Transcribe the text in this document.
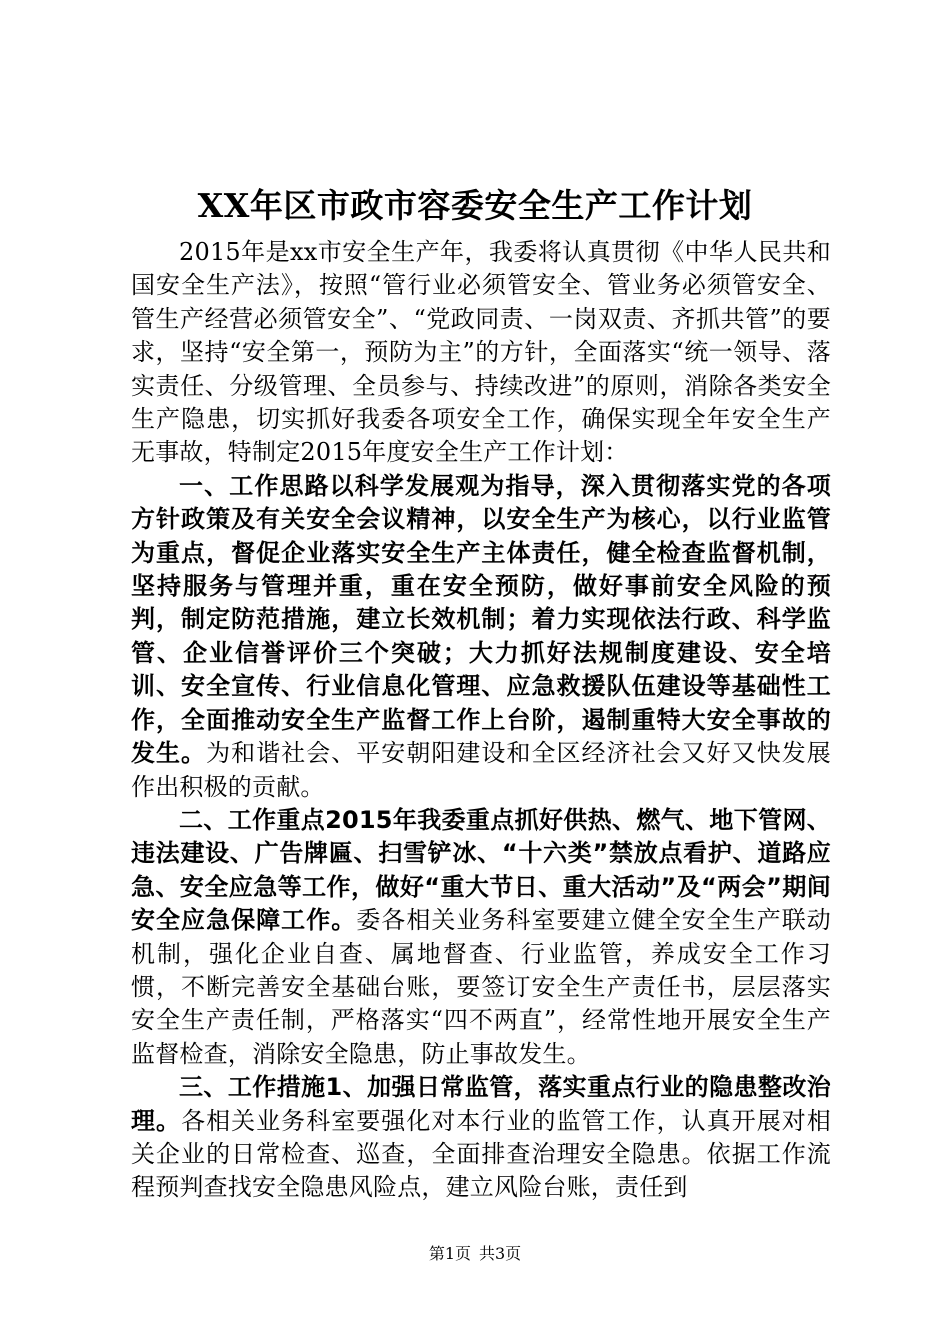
XX年区市政市容委安全生产工作计划

2015年是xx市安全生产年，我委将认真贯彻《中华人民共和国安全生产法》，按照“管行业必须管安全、管业务必须管安全、管生产经营必须管安全”、“党政同责、一岗双责、齐抓共管”的要求，坚持“安全第一，预防为主”的方针，全面落实“统一领导、落实责任、分级管理、全员参与、持续改进”的原则，消除各类安全生产隐患，切实抓好我委各项安全工作，确保实现全年安全生产无事故，特制定2015年度安全生产工作计划：

一、工作思路以科学发展观为指导，深入贯彻落实党的各项方针政策及有关安全会议精神，以安全生产为核心，以行业监管为重点，督促企业落实安全生产主体责任，健全检查监督机制，坚持服务与管理并重，重在安全预防，做好事前安全风险的预判，制定防范措施，建立长效机制；着力实现依法行政、科学监管、企业信誉评价三个突破；大力抓好法规制度建设、安全培训、安全宣传、行业信息化管理、应急救援队伍建设等基础性工作，全面推动安全生产监督工作上台阶，遏制重特大安全事故的发生。为和谐社会、平安朝阳建设和全区经济社会又好又快发展作出积极的贡献。

二、工作重点2015年我委重点抓好供热、燃气、地下管网、违法建设、广告牌匾、扫雪铲冰、“十六类”禁放点看护、道路应急、安全应急等工作，做好“重大节日、重大活动”及“两会”期间安全应急保障工作。委各相关业务科室要建立健全安全生产联动机制，强化企业自查、属地督查、行业监管，养成安全工作习惯，不断完善安全基础台账，要签订安全生产责任书，层层落实安全生产责任制，严格落实“四不两直”，经常性地开展安全生产监督检查，消除安全隐患，防止事故发生。

三、工作措施1、加强日常监管，落实重点行业的隐患整改治理。各相关业务科室要强化对本行业的监管工作，认真开展对相关企业的日常检查、巡查，全面排查治理安全隐患。依据工作流程预判查找安全隐患风险点，建立风险台账，责任到

第1页 共3页
